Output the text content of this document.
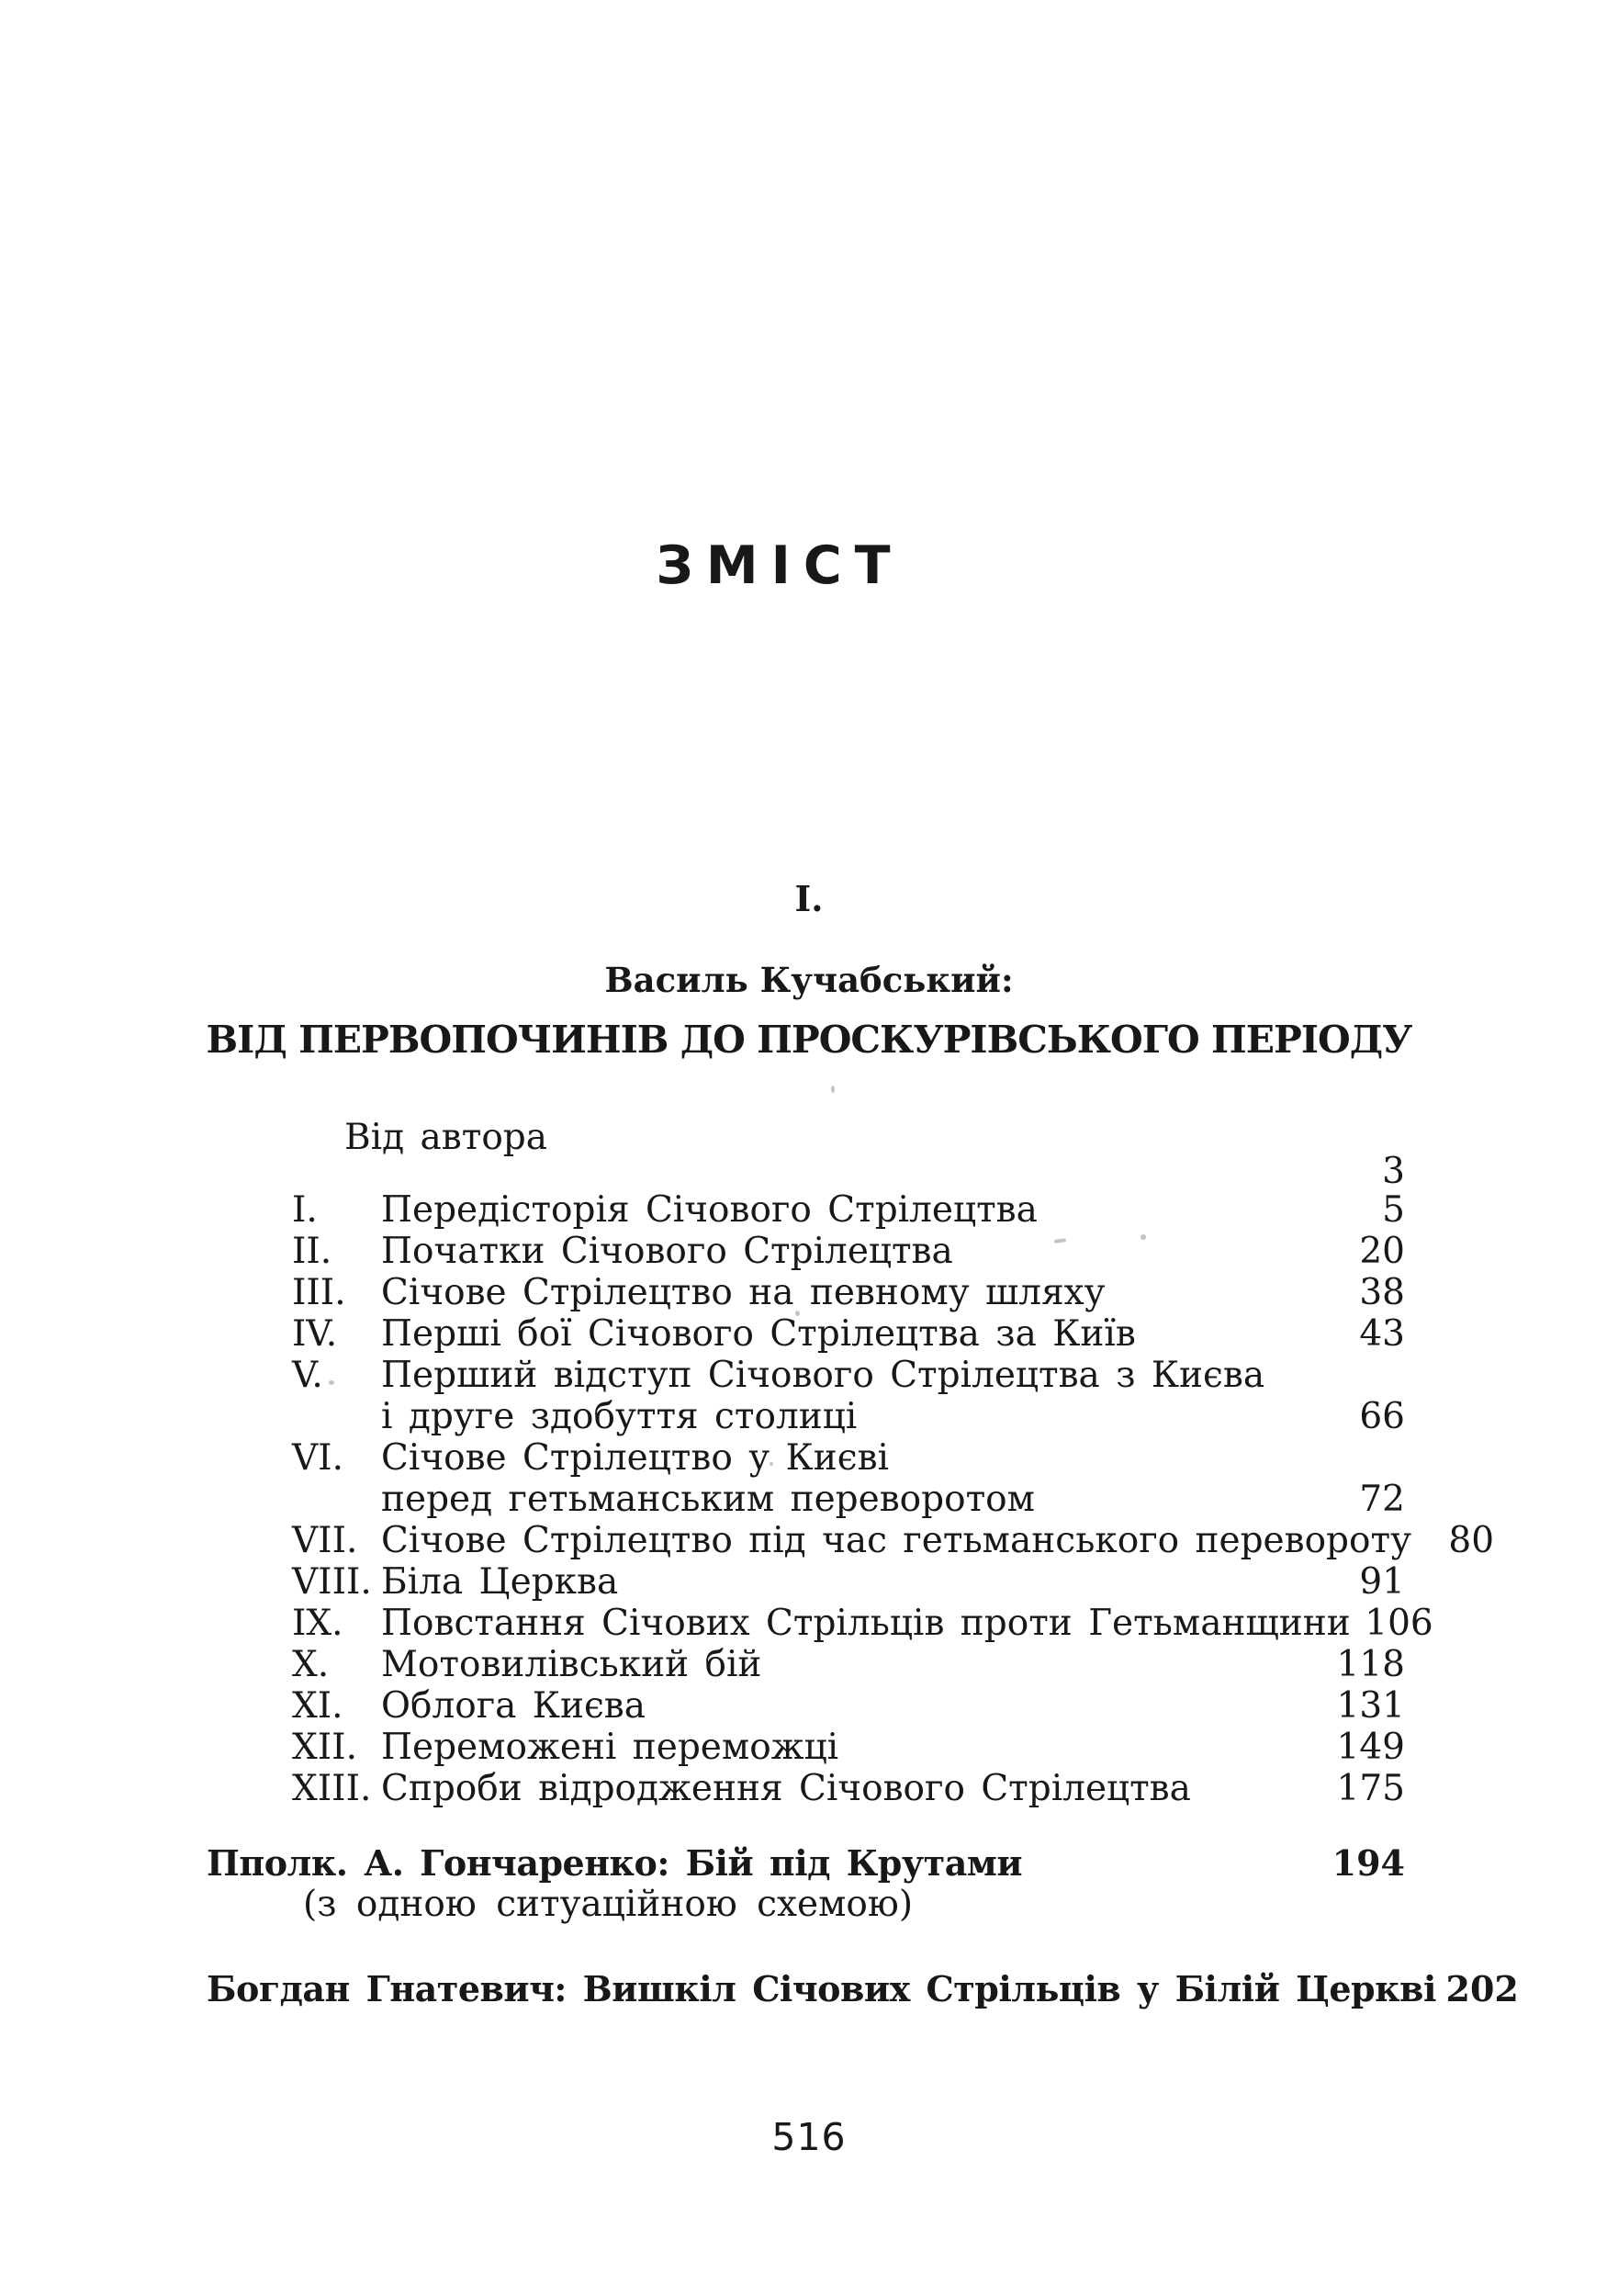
ЗМІСТ
I.
Василь Кучабський:
ВІД ПЕРВОПОЧИНІВ ДО ПРОСКУРІВСЬКОГО ПЕРІОДУ
Від автора
3
I.	Передісторія Січового Стрілецтва	5
II.	Початки Січового Стрілецтва	20
III. Січове Стрілецтво на певному шляху	38
IV.	Перші бої Січового Стрілецтва за Київ	43
V.	Перший відступ Січового Стрілецтва з Києва
і друге здобуття столиці	66
VI.	Січове Стрілецтво у Києві
перед гетьманським переворотом	72
VII. Січове Стрілецтво під час гетьманського перевороту	80
VIII. Біла Церква	91
IX.	Повстання Січових Стрільців проти Гетьманщини 106
X.	Мотовилівський бій	118
XI.	Облога Києва	131
XII. Переможені переможці	149
XIII. Спроби відродження Січового Стрілецтва	175
Пполк. А. Гончаренко: Бій під Крутами	194
(з одною ситуаційною схемою)
Богдан Гнатевич: Вишкіл Січових Стрільців у Білій Церкві 202
516
